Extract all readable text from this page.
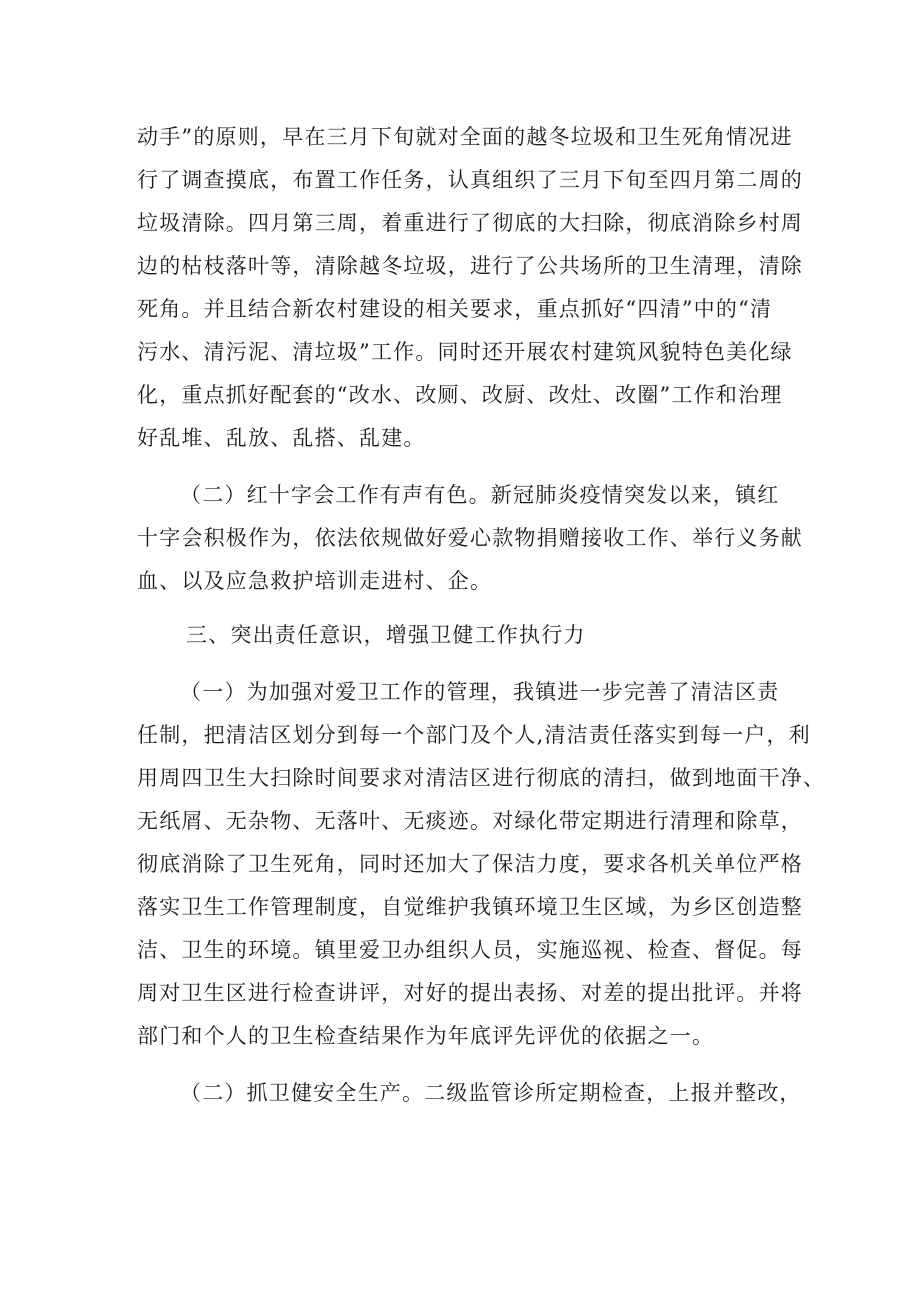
动手”的原则，早在三月下旬就对全面的越冬垃圾和卫生死角情况进
行了调查摸底，布置工作任务，认真组织了三月下旬至四月第二周的
垃圾清除。四月第三周，着重进行了彻底的大扫除，彻底消除乡村周
边的枯枝落叶等，清除越冬垃圾，进行了公共场所的卫生清理，清除
死角。并且结合新农村建设的相关要求，重点抓好“四清”中的“清
污水、清污泥、清垃圾”工作。同时还开展农村建筑风貌特色美化绿
化，重点抓好配套的“改水、改厕、改厨、改灶、改圈”工作和治理
好乱堆、乱放、乱搭、乱建。
（二）红十字会工作有声有色。新冠肺炎疫情突发以来，镇红
十字会积极作为，依法依规做好爱心款物捐赠接收工作、举行义务献
血、以及应急救护培训走进村、企。
三、突出责任意识，增强卫健工作执行力
（一）为加强对爱卫工作的管理，我镇进一步完善了清洁区责
任制，把清洁区划分到每一个部门及个人,清洁责任落实到每一户，利
用周四卫生大扫除时间要求对清洁区进行彻底的清扫，做到地面干净、
无纸屑、无杂物、无落叶、无痰迹。对绿化带定期进行清理和除草，
彻底消除了卫生死角，同时还加大了保洁力度，要求各机关单位严格
落实卫生工作管理制度，自觉维护我镇环境卫生区域，为乡区创造整
洁、卫生的环境。镇里爱卫办组织人员，实施巡视、检查、督促。每
周对卫生区进行检查讲评，对好的提出表扬、对差的提出批评。并将
部门和个人的卫生检查结果作为年底评先评优的依据之一。
（二）抓卫健安全生产。二级监管诊所定期检查，上报并整改，
